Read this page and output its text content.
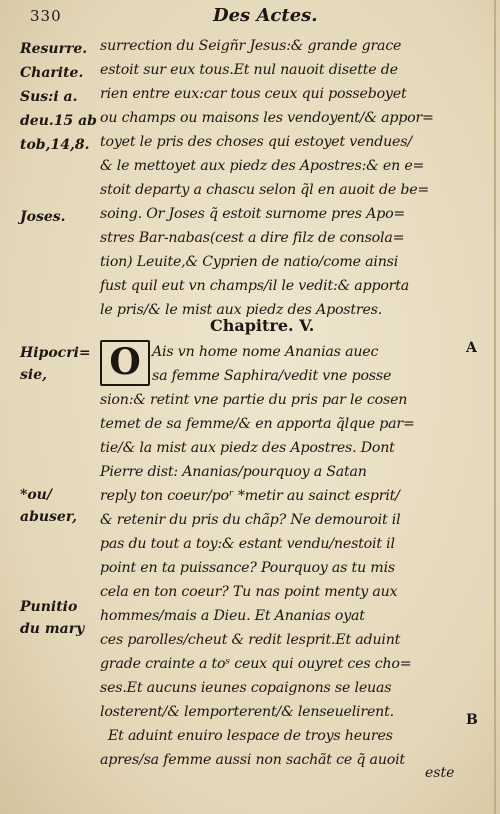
330	Des Actes.
Resurre.
Charite.
Sus:i a.
deu.15 ab
tob,14,8.
Joses.
Hipocri=
sie,
*ou/
abuser,
Punitio
du mary
surrection du Seigñr Jesus:& grande grace
estoit sur eux tous.Et nul nauoit disette de
rien entre eux:car tous ceux qui posseboyet
ou champs ou maisons les vendoyent/& appor=
toyet le pris des choses qui estoyet vendues/
& le mettoyet aux piedz des Apostres:& en e=
stoit departy a chascu selon q̃l en auoit de be=
soing. Or Joses q̃ estoit surnome pres Apo=
stres Bar-nabas(cest a dire filz de consola=
tion) Leuite,& Cyprien de natio/come ainsi
fust quil eut vn champs/il le vedit:& apporta
le pris/& le mist aux piedz des Apostres.
Chapitre. V.
O Ais vn home nome Ananias auec
sa femme Saphira/vedit vne posse
sion:& retint vne partie du pris par le cosen
temet de sa femme/& en apporta q̃lque par=
tie/& la mist aux piedz des Apostres. Dont
Pierre dist: Ananias/pourquoy a Satan
reply ton coeur/poʳ *metir au sainct esprit/
& retenir du pris du chãp? Ne demouroit il
pas du tout a toy:& estant vendu/nestoit il
point en ta puissance? Pourquoy as tu mis
cela en ton coeur? Tu nas point menty aux
hommes/mais a Dieu. Et Ananias oyat
ces parolles/cheut & redit lesprit.Et aduint
grade crainte a toˢ ceux qui ouyret ces cho=
ses.Et aucuns ieunes copaignons se leuas
losterent/& lemporterent/& lenseuelirent.
Et aduint enuiro lespace de troys heures
apres/sa femme aussi non sachãt ce q̃ auoit
A
B
este
